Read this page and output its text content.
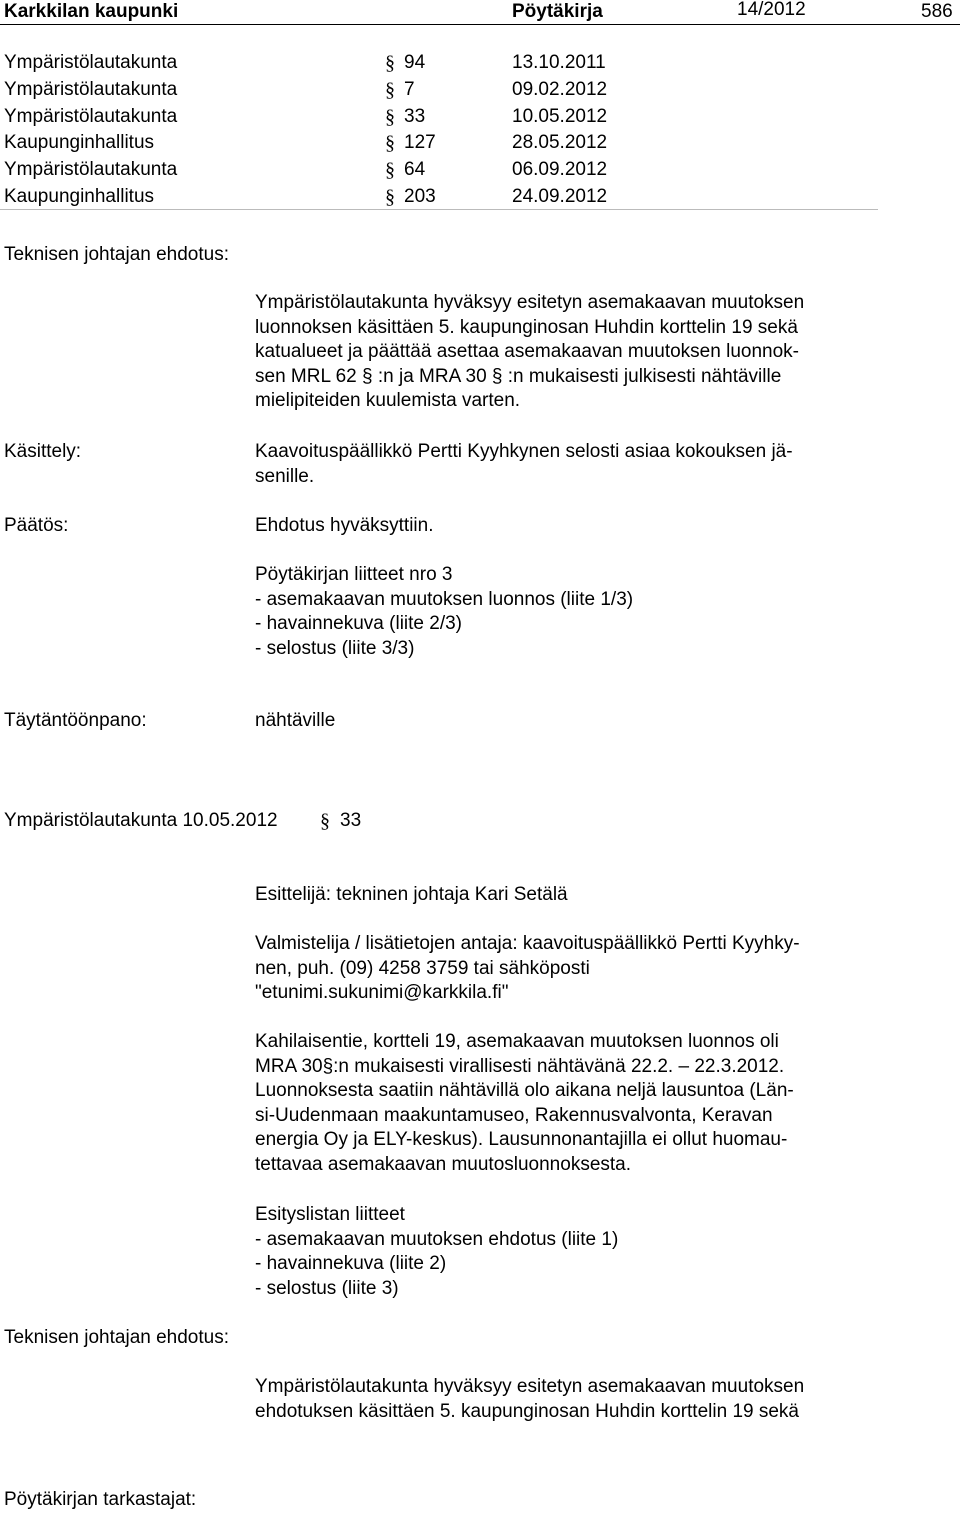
Karkkilan kaupunki	Pöytäkirja	14/2012	586
Ympäristölautakunta	§ 94	13.10.2011
Ympäristölautakunta	§ 7	09.02.2012
Ympäristölautakunta	§ 33	10.05.2012
Kaupunginhallitus	§ 127	28.05.2012
Ympäristölautakunta	§ 64	06.09.2012
Kaupunginhallitus	§ 203	24.09.2012
Teknisen johtajan ehdotus:
Ympäristölautakunta hyväksyy esitetyn asemakaavan muutoksen
luonnoksen käsittäen 5. kaupunginosan Huhdin korttelin 19 sekä
katualueet ja päättää asettaa asemakaavan muutoksen luonnok-
sen MRL 62 § :n ja MRA 30 § :n mukaisesti julkisesti nähtäville
mielipiteiden kuulemista varten.
Käsittely:	Kaavoituspäällikkö Pertti Kyyhkynen selosti asiaa kokouksen jä-
senille.
Päätös:	Ehdotus hyväksyttiin.
Pöytäkirjan liitteet nro 3
- asemakaavan muutoksen luonnos (liite 1/3)
- havainnekuva (liite 2/3)
- selostus (liite 3/3)
Täytäntöönpano:	nähtäville
Ympäristölautakunta 10.05.2012 § 33
Esittelijä: tekninen johtaja Kari Setälä
Valmistelija / lisätietojen antaja: kaavoituspäällikkö Pertti Kyyhky-
nen, puh. (09) 4258 3759 tai sähköposti
"etunimi.sukunimi@karkkila.fi"
Kahilaisentie, kortteli 19, asemakaavan muutoksen luonnos oli
MRA 30§:n mukaisesti virallisesti nähtävänä 22.2. – 22.3.2012.
Luonnoksesta saatiin nähtävillä olo aikana neljä lausuntoa (Län-
si-Uudenmaan maakuntamuseo, Rakennusvalvonta, Keravan
energia Oy ja ELY-keskus). Lausunnonantajilla ei ollut huomau-
tettavaa asemakaavan muutosluonnoksesta.
Esityslistan liitteet
- asemakaavan muutoksen ehdotus (liite 1)
- havainnekuva (liite 2)
- selostus (liite 3)
Teknisen johtajan ehdotus:
Ympäristölautakunta hyväksyy esitetyn asemakaavan muutoksen
ehdotuksen käsittäen 5. kaupunginosan Huhdin korttelin 19 sekä
Pöytäkirjan tarkastajat:
